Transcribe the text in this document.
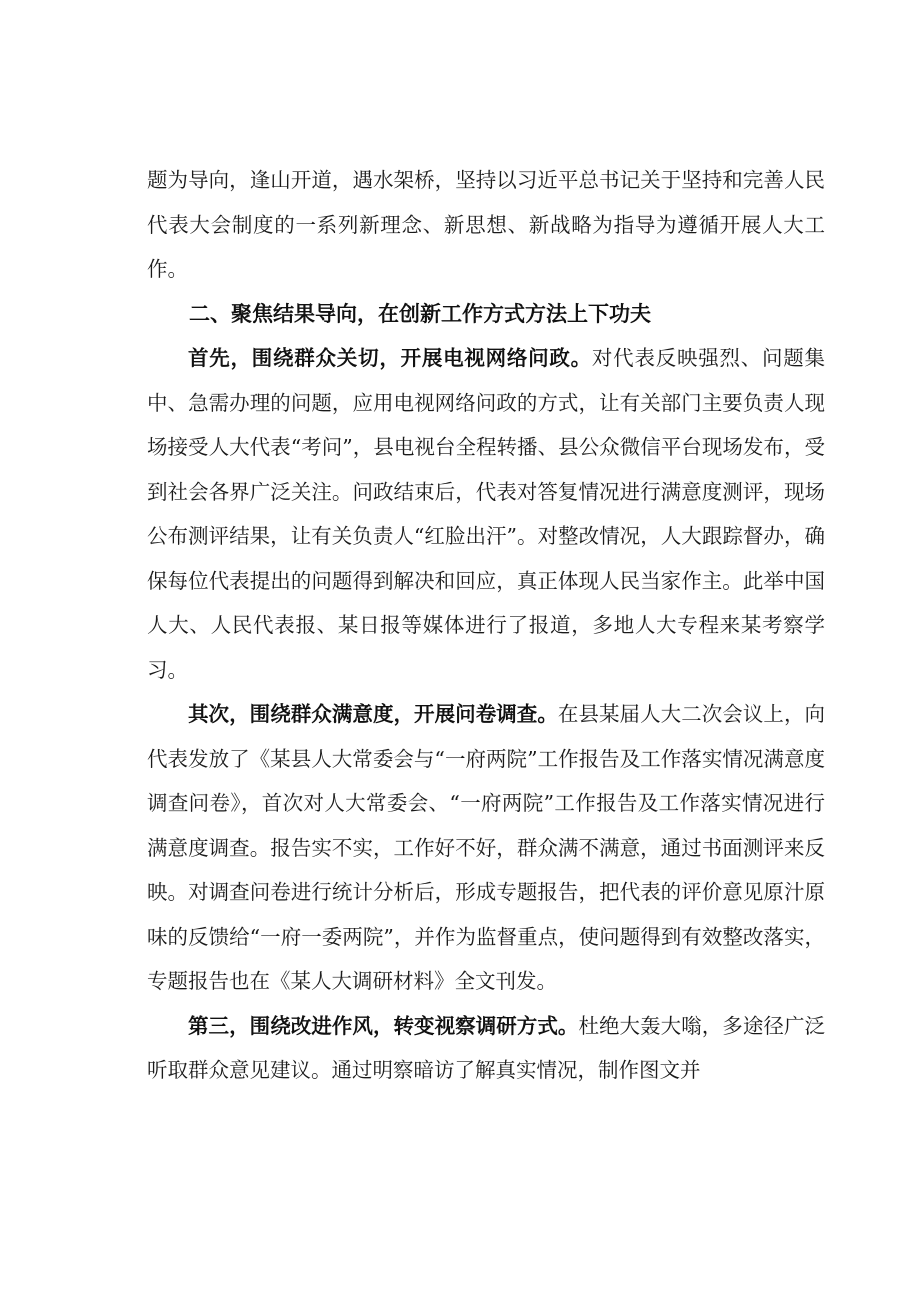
题为导向，逢山开道，遇水架桥，坚持以习近平总书记关于坚持和完善人民代表大会制度的一系列新理念、新思想、新战略为指导为遵循开展人大工作。

二、聚焦结果导向，在创新工作方式方法上下功夫

首先，围绕群众关切，开展电视网络问政。对代表反映强烈、问题集中、急需办理的问题，应用电视网络问政的方式，让有关部门主要负责人现场接受人大代表“考问”，县电视台全程转播、县公众微信平台现场发布，受到社会各界广泛关注。问政结束后，代表对答复情况进行满意度测评，现场公布测评结果，让有关负责人“红脸出汗”。对整改情况，人大跟踪督办，确保每位代表提出的问题得到解决和回应，真正体现人民当家作主。此举中国人大、人民代表报、某日报等媒体进行了报道，多地人大专程来某考察学习。

其次，围绕群众满意度，开展问卷调查。在县某届人大二次会议上，向代表发放了《某县人大常委会与“一府两院”工作报告及工作落实情况满意度调查问卷》，首次对人大常委会、“一府两院”工作报告及工作落实情况进行满意度调查。报告实不实，工作好不好，群众满不满意，通过书面测评来反映。对调查问卷进行统计分析后，形成专题报告，把代表的评价意见原汁原味的反馈给“一府一委两院”，并作为监督重点，使问题得到有效整改落实，专题报告也在《某人大调研材料》全文刊发。

第三，围绕改进作风，转变视察调研方式。杜绝大轰大嗡，多途径广泛听取群众意见建议。通过明察暗访了解真实情况，制作图文并
